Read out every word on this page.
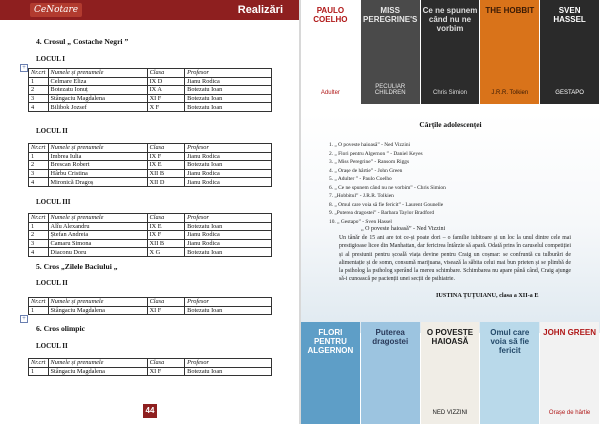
CeNotare	Realizări
4. Crosul „ Costache Negri ”
LOCUL I
+
Nr.crt	Numele și prenumele	Clasa	Profesor
1	Celmare Eliza	IX D	Jianu Rodica
2	Botezatu Ionuț	IX A	Botezatu Ioan
3	Stângaciu Magdalena	XI F	Botezatu Ioan
4	Bilibok Jozsef	X F	Botezatu Ioan
LOCUL II
Nr.crt	Numele și prenumele	Clasa	Profesor
1	Imbrea Iulia	IX F	Jianu Rodica
2	Brescan Robert	IX E	Botezatu Ioan
3	Hârbu Cristina	XII B	Jianu Rodica
4	Mironică Dragoș	XII D	Jianu Rodica
LOCUL III
Nr.crt	Numele și prenumele	Clasa	Profesor
1	Alîu Alexandru	IX E	Botezatu Ioan
2	Ștefan Andreia	IX F	Jianu Rodica
3	Camaru Simona	XII B	Jianu Rodica
4	Diaconu Doru	X G	Botezatu Ioan
5. Cros „Zilele Baciului „
LOCUL II
Nr.crt	Numele și prenumele	Clasa	Profesor
1	Stângaciu Magdalena	XI F	Botezatu Ioan
+
6. Cros olimpic
LOCUL II
Nr.crt	Numele și prenumele	Clasa	Profesor
1	Stângaciu Magdalena	XI F	Botezatu Ioan
44
PAULO COELHO
Adulter
MISS PEREGRINE'S
PECULIAR CHILDREN
Ce ne spunem când nu ne vorbim
Chris Simion
THE HOBBIT
J.R.R. Tolkien
SVEN HASSEL
GESTAPO
Cărțile adolescenței
1. „ O poveste haioasă” - Ned Vizzini
2. „ Flori pentru Algernon ” - Daniel Keyes
3. „ Miss Peregrine” - Ransom Riggs
4. „ Orașe de hârtie” - John Green
5. „ Adulter ” - Paulo Coelho
6. „ Ce ne spunem când nu ne vorbim” - Chris Simion
7. „Hobbitul” - J.R.R. Tolkien
8. „ Omul care voia să fie fericit” - Laurent Gounelle
9. „Puterea dragostei” - Barbara Taylor Bradford
10. „ Gestapo” - Sven Hassel
„ O poveste haioasă” - Ned Vizzini
Un tânăr de 15 ani are tot ce-și poate dori – o familie iubitoare și un loc la unul dintre cele mai prestigioase licee din Manhattan, dar fericirea întârzie să apară. Odată prins în caruselul competiției și al presiunii pentru școală viața devine pentru Craig un coșmar: se confruntă cu tulburări de alimentație și de somn, consumă marijuana, visează la săbita celui mai bun prieten și se plimbă de la psiholog la psiholog sperând la mereu schimbare. Schimbarea nu apare până când, Craig ajunge să-i cunoască pe pacienții unei secții de psihiatrie.
IUSTINA ȚUȚUIANU, clasa a XII-a E
FLORI PENTRU ALGERNON
Puterea dragostei
O POVESTE HAIOASĂ
NED VIZZINI
Omul care voia să fie fericit
JOHN GREEN
Orașe de hârtie
